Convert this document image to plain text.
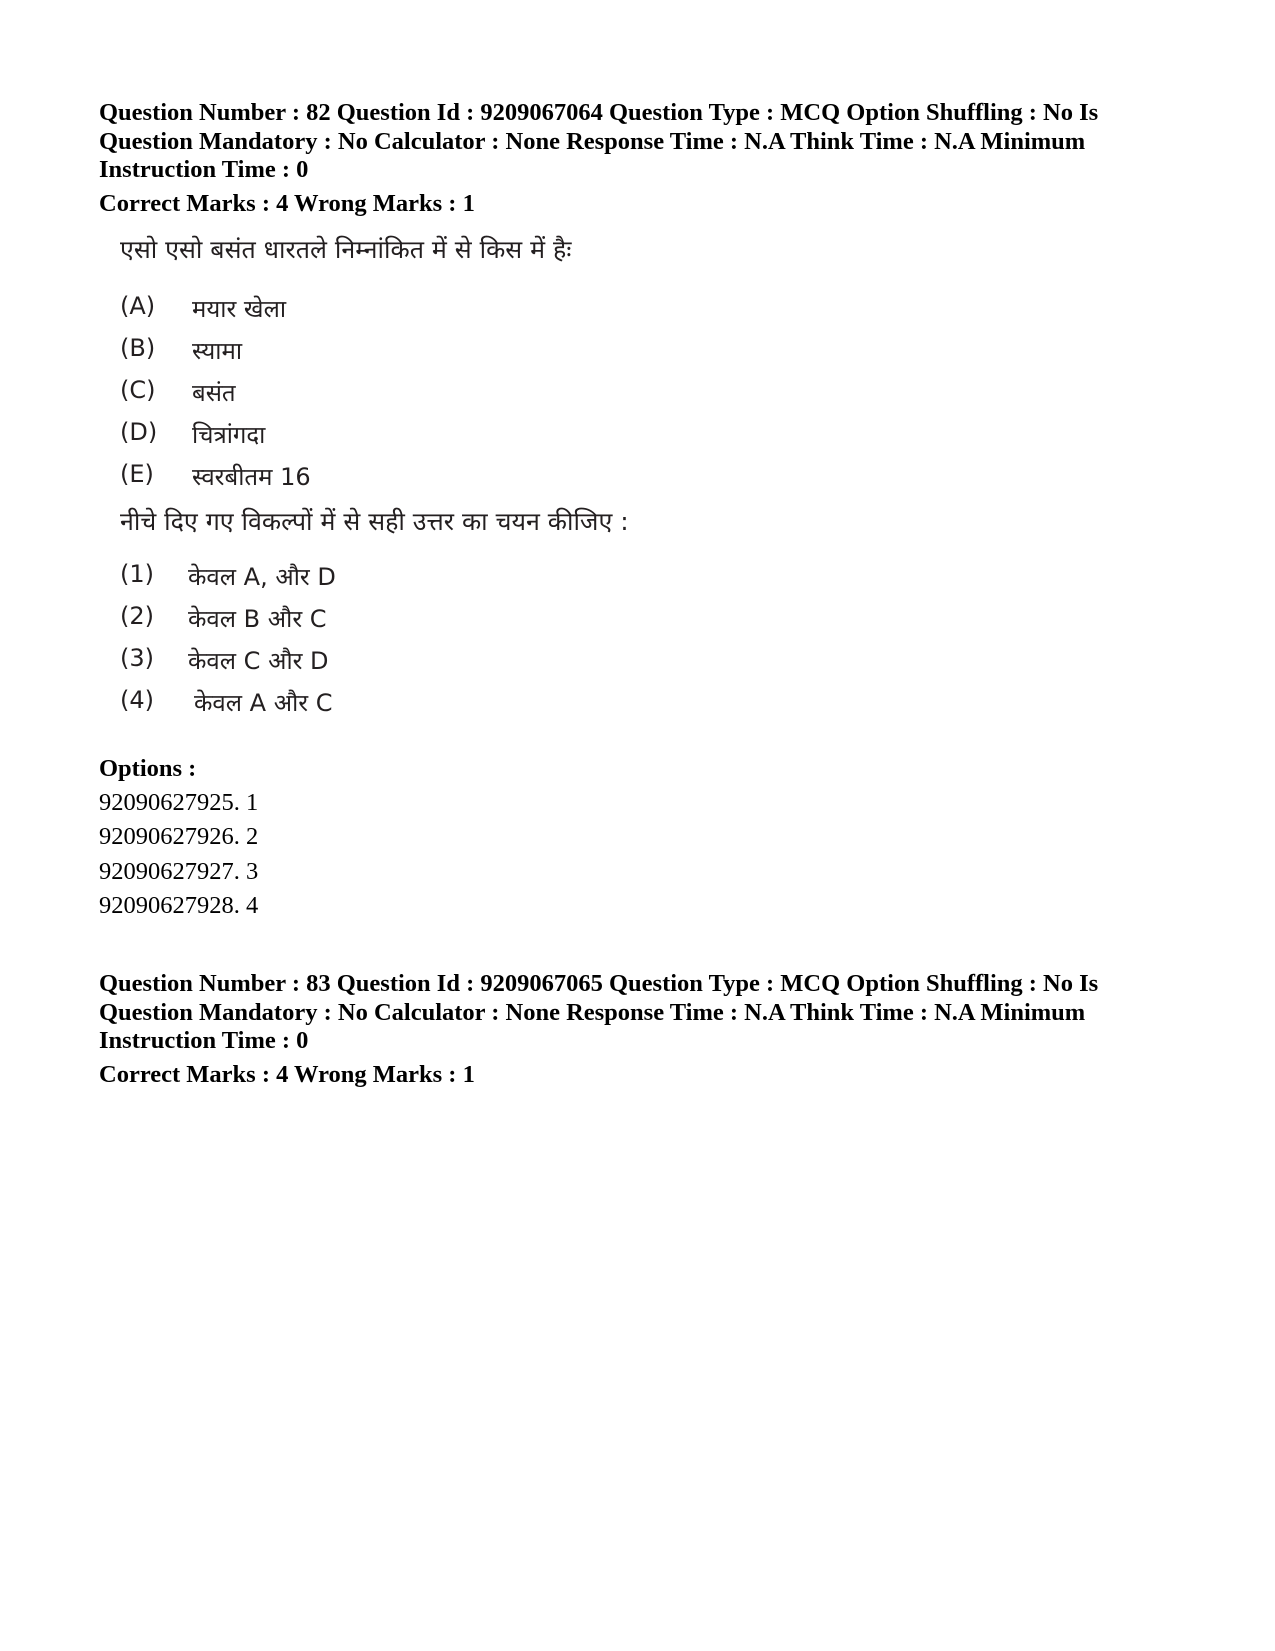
Question Number : 82 Question Id : 9209067064 Question Type : MCQ Option Shuffling : No Is

Question Mandatory : No Calculator : None Response Time : N.A Think Time : N.A Minimum

Instruction Time : 0

Correct Marks : 4 Wrong Marks : 1

एसो एसो बसंत धारतले निम्नांकित में से किस में हैः
(A)	मयार खेला
(B)	स्यामा
(C)	बसंत
(D)	चित्रांगदा
(E)	स्वरबीतम 16
नीचे दिए गए विकल्पों में से सही उत्तर का चयन कीजिए :
(1)	केवल A, और D
(2)	केवल B और C
(3)	केवल C और D
(4)	केवल A और C

Options :

92090627925. 1

92090627926. 2

92090627927. 3

92090627928. 4

Question Number : 83 Question Id : 9209067065 Question Type : MCQ Option Shuffling : No Is

Question Mandatory : No Calculator : None Response Time : N.A Think Time : N.A Minimum

Instruction Time : 0

Correct Marks : 4 Wrong Marks : 1
